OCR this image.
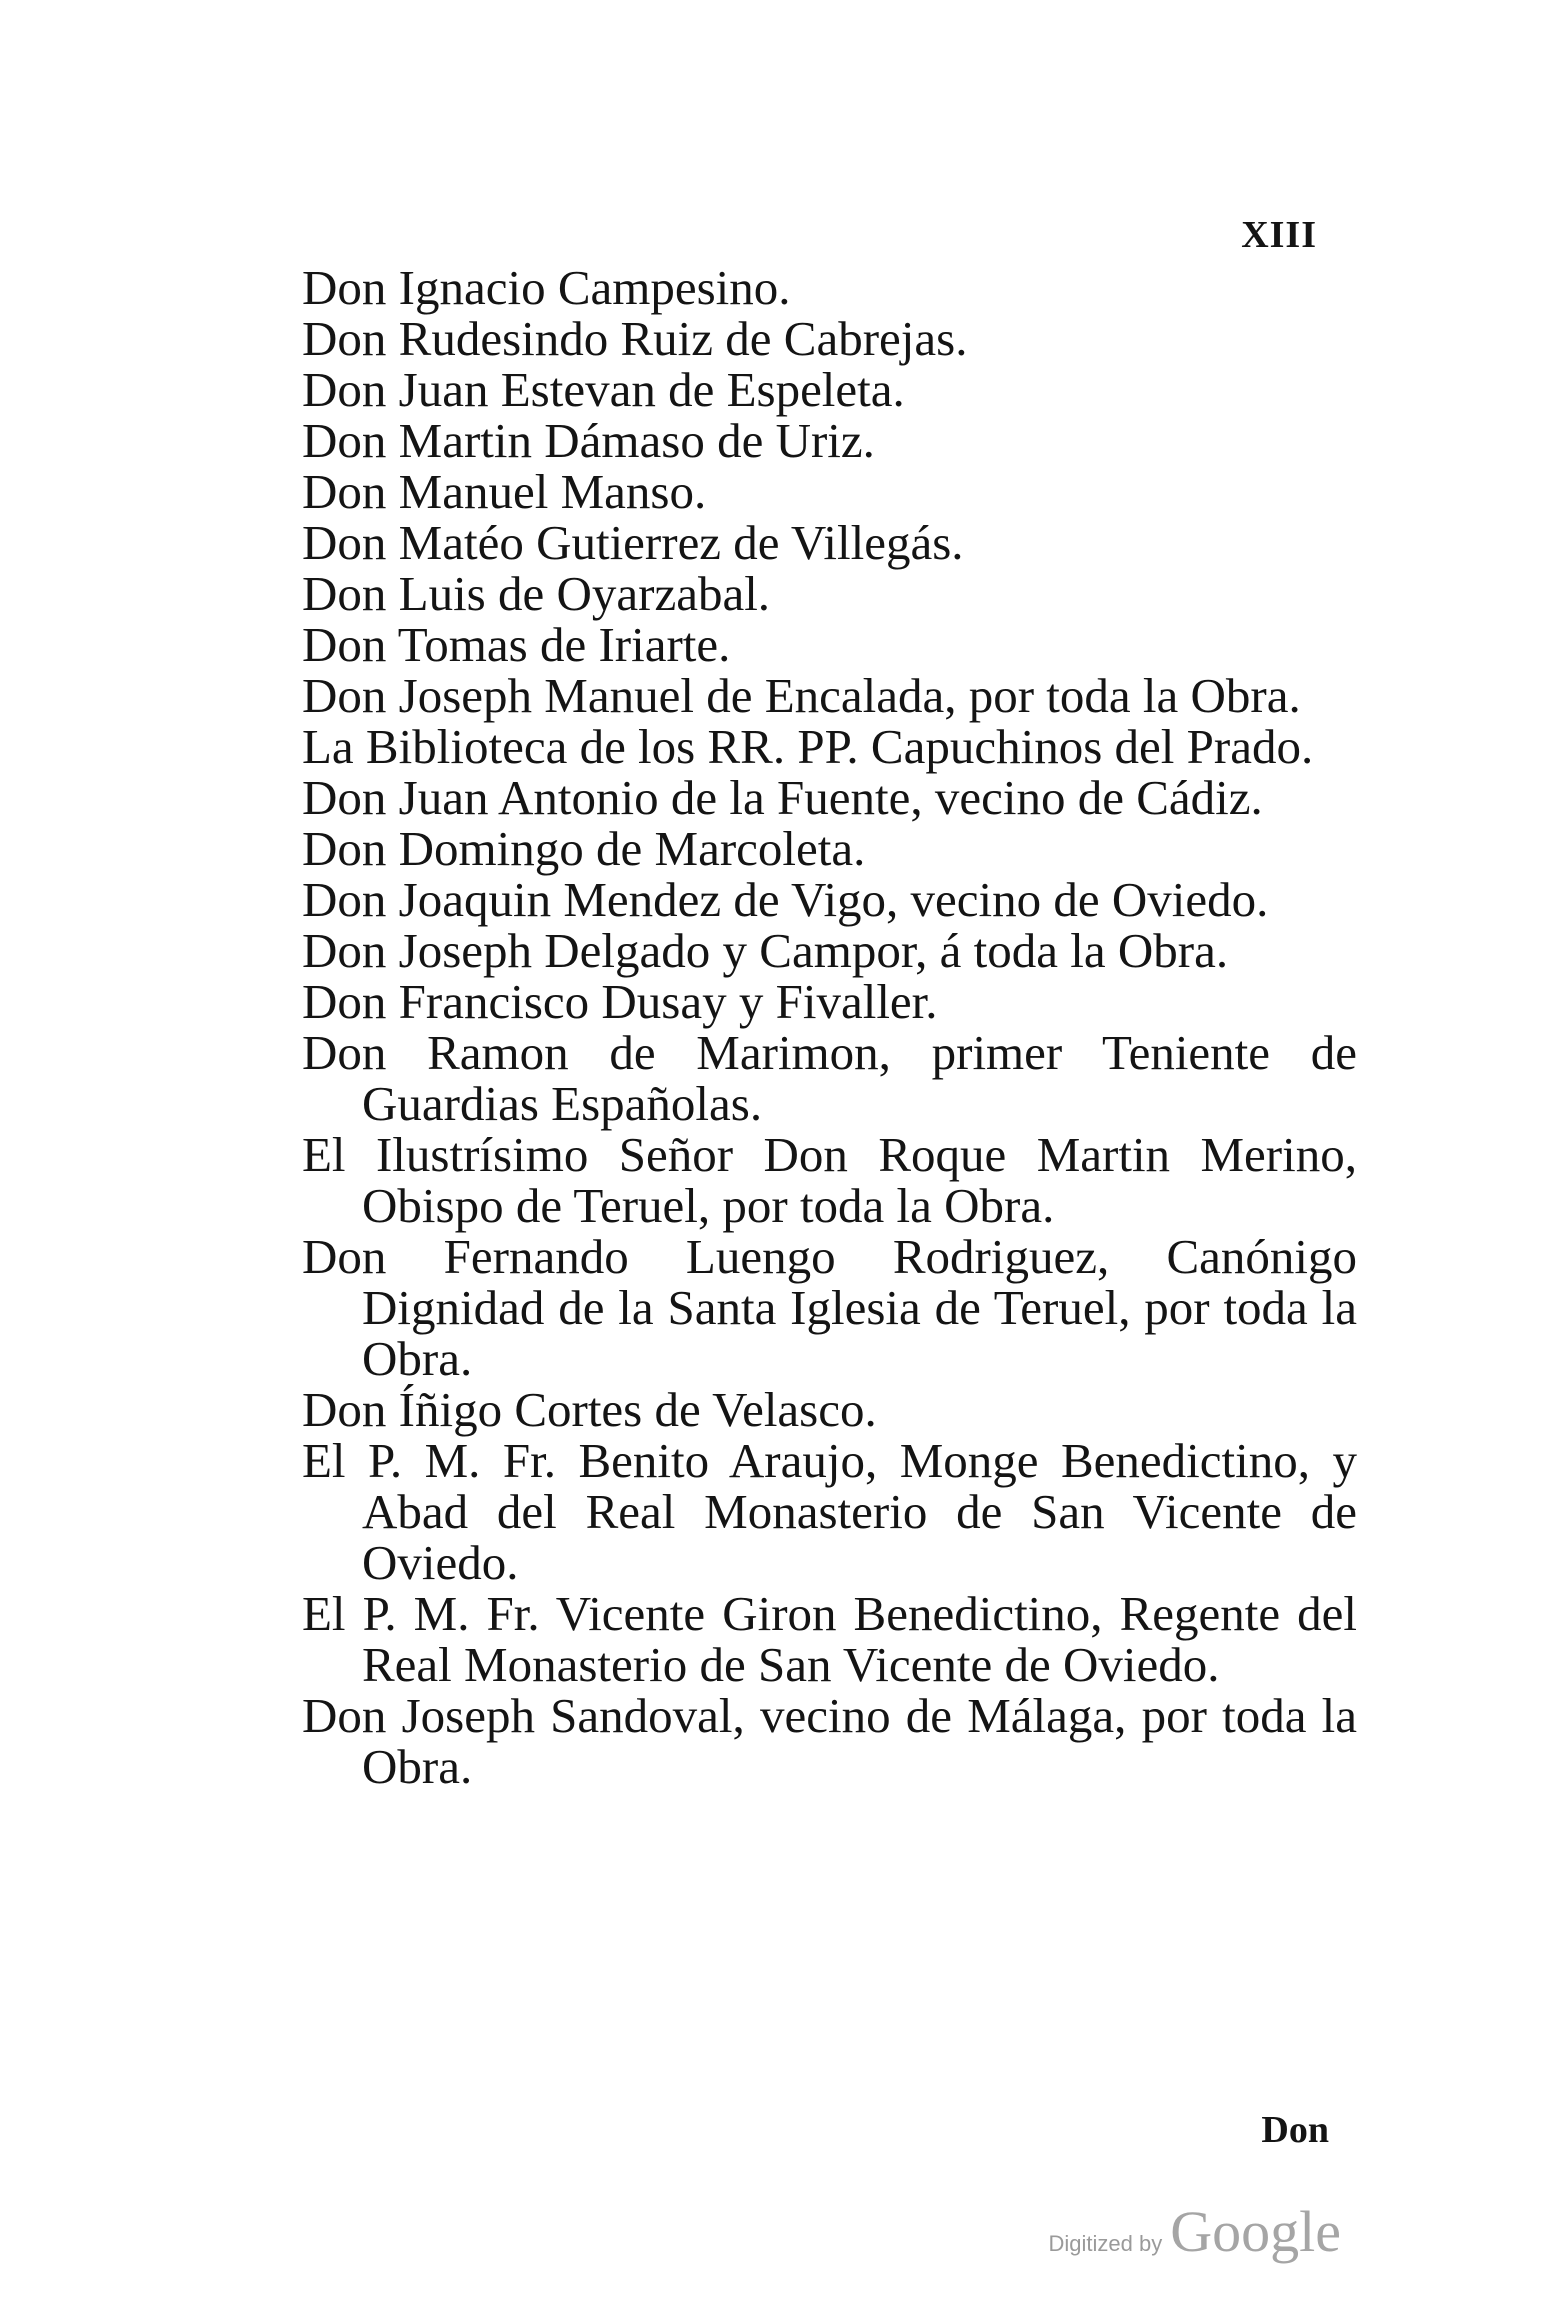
XIII
Don Ignacio Campesino.
Don Rudesindo Ruiz de Cabrejas.
Don Juan Estevan de Espeleta.
Don Martin Dámaso de Uriz.
Don Manuel Manso.
Don Matéo Gutierrez de Villegás.
Don Luis de Oyarzabal.
Don Tomas de Iriarte.
Don Joseph Manuel de Encalada, por toda la Obra.
La Biblioteca de los RR. PP. Capuchinos del Prado.
Don Juan Antonio de la Fuente, vecino de Cádiz.
Don Domingo de Marcoleta.
Don Joaquin Mendez de Vigo, vecino de Oviedo.
Don Joseph Delgado y Campor, á toda la Obra.
Don Francisco Dusay y Fivaller.
Don Ramon de Marimon, primer Teniente de Guardias Españolas.
El Ilustrísimo Señor Don Roque Martin Merino, Obispo de Teruel, por toda la Obra.
Don Fernando Luengo Rodriguez, Canónigo Dignidad de la Santa Iglesia de Teruel, por toda la Obra.
Don Íñigo Cortes de Velasco.
El P. M. Fr. Benito Araujo, Monge Benedictino, y Abad del Real Monasterio de San Vicente de Oviedo.
El P. M. Fr. Vicente Giron Benedictino, Regente del Real Monasterio de San Vicente de Oviedo.
Don Joseph Sandoval, vecino de Málaga, por toda la Obra.
Don
Digitized by Google
